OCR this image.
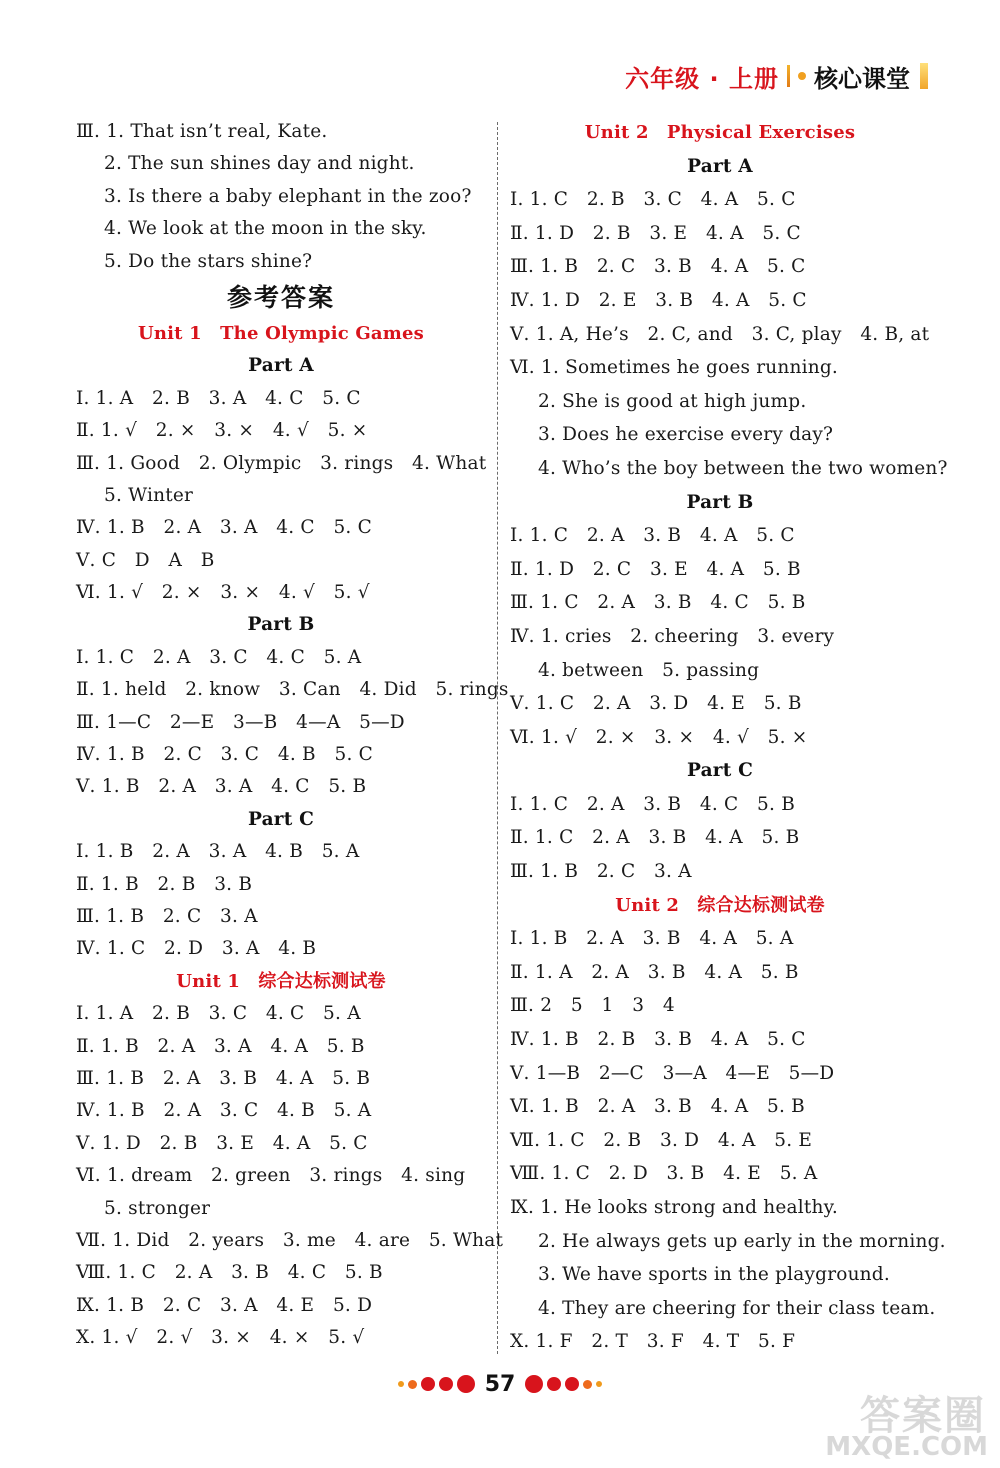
六年级 · 上册 核心课堂
Ⅲ. 1. That isn’t real, Kate.
2. The sun shines day and night.
3. Is there a baby elephant in the zoo?
4. We look at the moon in the sky.
5. Do the stars shine?
参考答案
Unit 1　The Olympic Games
Part A
Ⅰ. 1. A　2. B　3. A　4. C　5. C
Ⅱ. 1. √　2. ×　3. ×　4. √　5. ×
Ⅲ. 1. Good　2. Olympic　3. rings　4. What
5. Winter
Ⅳ. 1. B　2. A　3. A　4. C　5. C
Ⅴ. C　D　A　B
Ⅵ. 1. √　2. ×　3. ×　4. √　5. √
Part B
Ⅰ. 1. C　2. A　3. C　4. C　5. A
Ⅱ. 1. held　2. know　3. Can　4. Did　5. rings
Ⅲ. 1—C　2—E　3—B　4—A　5—D
Ⅳ. 1. B　2. C　3. C　4. B　5. C
Ⅴ. 1. B　2. A　3. A　4. C　5. B
Part C
Ⅰ. 1. B　2. A　3. A　4. B　5. A
Ⅱ. 1. B　2. B　3. B
Ⅲ. 1. B　2. C　3. A
Ⅳ. 1. C　2. D　3. A　4. B
Unit 1　综合达标测试卷
Ⅰ. 1. A　2. B　3. C　4. C　5. A
Ⅱ. 1. B　2. A　3. A　4. A　5. B
Ⅲ. 1. B　2. A　3. B　4. A　5. B
Ⅳ. 1. B　2. A　3. C　4. B　5. A
Ⅴ. 1. D　2. B　3. E　4. A　5. C
Ⅵ. 1. dream　2. green　3. rings　4. sing
5. stronger
Ⅶ. 1. Did　2. years　3. me　4. are　5. What
Ⅷ. 1. C　2. A　3. B　4. C　5. B
Ⅸ. 1. B　2. C　3. A　4. E　5. D
Ⅹ. 1. √　2. √　3. ×　4. ×　5. √
Unit 2　Physical Exercises
Part A
Ⅰ. 1. C　2. B　3. C　4. A　5. C
Ⅱ. 1. D　2. B　3. E　4. A　5. C
Ⅲ. 1. B　2. C　3. B　4. A　5. C
Ⅳ. 1. D　2. E　3. B　4. A　5. C
Ⅴ. 1. A, He’s　2. C, and　3. C, play　4. B, at
Ⅵ. 1. Sometimes he goes running.
2. She is good at high jump.
3. Does he exercise every day?
4. Who’s the boy between the two women?
Part B
Ⅰ. 1. C　2. A　3. B　4. A　5. C
Ⅱ. 1. D　2. C　3. E　4. A　5. B
Ⅲ. 1. C　2. A　3. B　4. C　5. B
Ⅳ. 1. cries　2. cheering　3. every
4. between　5. passing
Ⅴ. 1. C　2. A　3. D　4. E　5. B
Ⅵ. 1. √　2. ×　3. ×　4. √　5. ×
Part C
Ⅰ. 1. C　2. A　3. B　4. C　5. B
Ⅱ. 1. C　2. A　3. B　4. A　5. B
Ⅲ. 1. B　2. C　3. A
Unit 2　综合达标测试卷
Ⅰ. 1. B　2. A　3. B　4. A　5. A
Ⅱ. 1. A　2. A　3. B　4. A　5. B
Ⅲ. 2　5　1　3　4
Ⅳ. 1. B　2. B　3. B　4. A　5. C
Ⅴ. 1—B　2—C　3—A　4—E　5—D
Ⅵ. 1. B　2. A　3. B　4. A　5. B
Ⅶ. 1. C　2. B　3. D　4. A　5. E
Ⅷ. 1. C　2. D　3. B　4. E　5. A
Ⅸ. 1. He looks strong and healthy.
2. He always gets up early in the morning.
3. We have sports in the playground.
4. They are cheering for their class team.
Ⅹ. 1. F　2. T　3. F　4. T　5. F
57
答案圈
MXQE.COM
